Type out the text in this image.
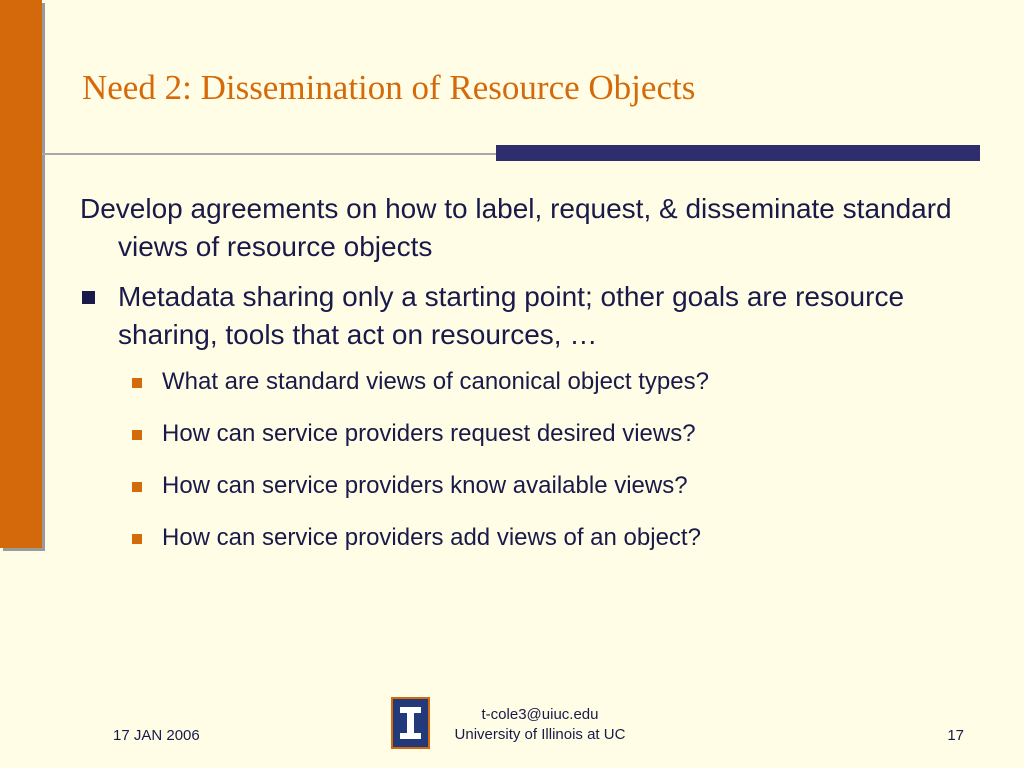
Need 2: Dissemination of Resource Objects

Develop agreements on how to label, request, & disseminate standard views of resource objects

Metadata sharing only a starting point; other goals are resource sharing, tools that act on resources, …
What are standard views of canonical object types?
How can service providers request desired views?
How can service providers know available views?
How can service providers add views of an object?
17 JAN 2006
t-cole3@uiuc.edu
University of Illinois at UC	17
